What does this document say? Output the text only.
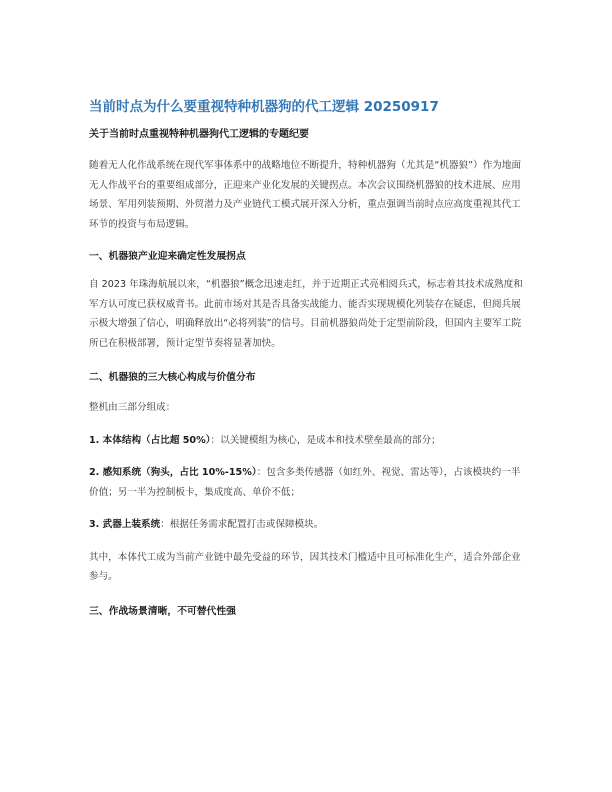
当前时点为什么要重视特种机器狗的代工逻辑 20250917

关于当前时点重视特种机器狗代工逻辑的专题纪要

随着无人化作战系统在现代军事体系中的战略地位不断提升，特种机器狗（尤其是“机器狼”）作为地面无人作战平台的重要组成部分，正迎来产业化发展的关键拐点。本次会议围绕机器狼的技术进展、应用场景、军用列装预期、外贸潜力及产业链代工模式展开深入分析，重点强调当前时点应高度重视其代工环节的投资与布局逻辑。

一、机器狼产业迎来确定性发展拐点

自 2023 年珠海航展以来，“机器狼”概念迅速走红，并于近期正式亮相阅兵式，标志着其技术成熟度和军方认可度已获权威背书。此前市场对其是否具备实战能力、能否实现规模化列装存在疑虑，但阅兵展示极大增强了信心，明确释放出“必将列装”的信号。目前机器狼尚处于定型前阶段，但国内主要军工院所已在积极部署，预计定型节奏将显著加快。

二、机器狼的三大核心构成与价值分布

整机由三部分组成：

1. 本体结构（占比超 50%）：以关键模组为核心，是成本和技术壁垒最高的部分；

2. 感知系统（狗头，占比 10%-15%）：包含多类传感器（如红外、视觉、雷达等），占该模块约一半价值；另一半为控制板卡，集成度高、单价不低；

3. 武器上装系统：根据任务需求配置打击或保障模块。

其中，本体代工成为当前产业链中最先受益的环节，因其技术门槛适中且可标准化生产，适合外部企业参与。

三、作战场景清晰，不可替代性强
